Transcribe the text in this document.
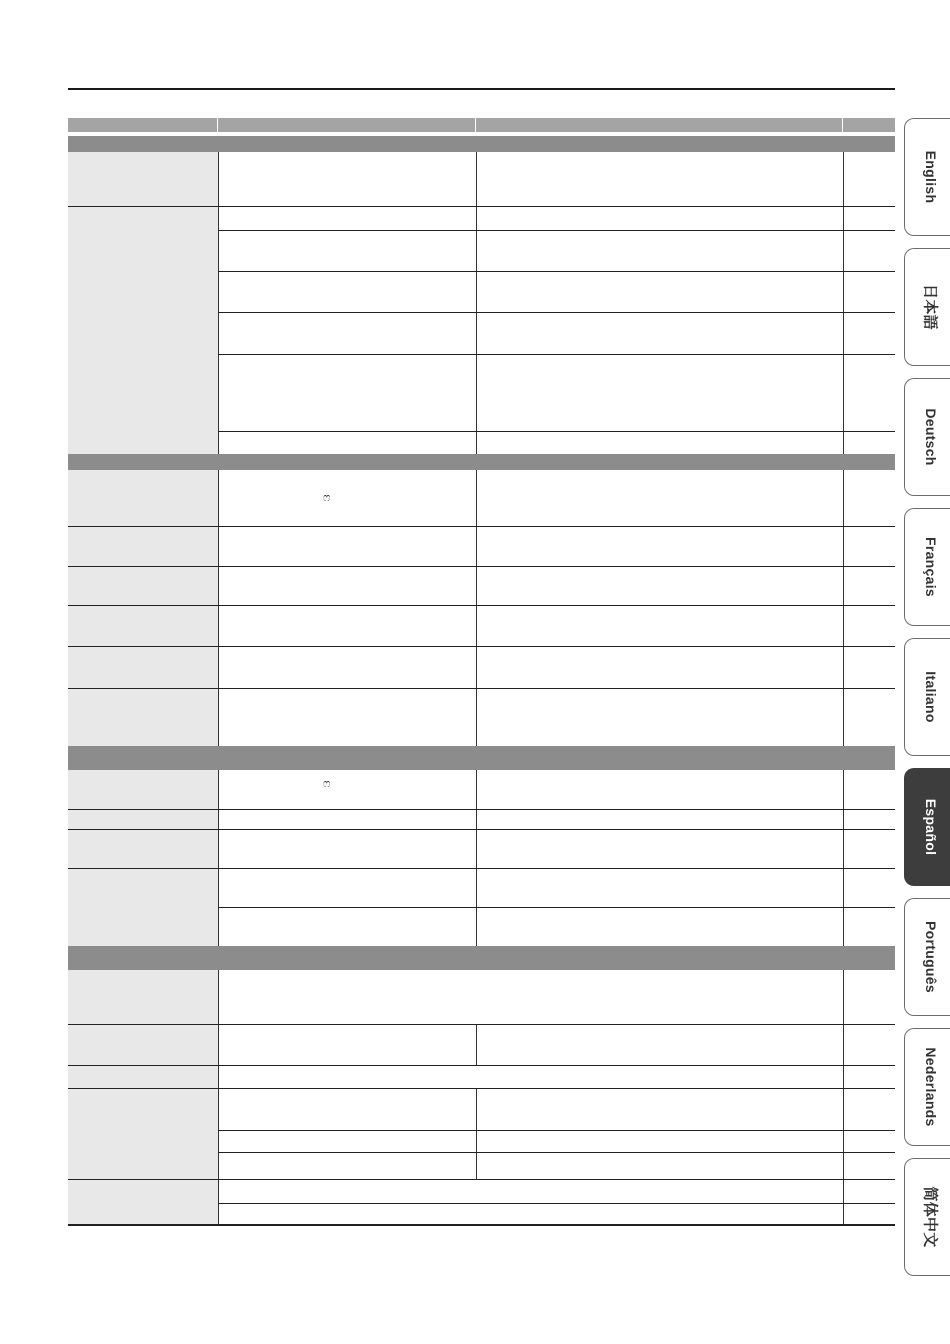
ෆ
ෆ
English
日本語
Deutsch
Français
Italiano
Español
Português
Nederlands
简体中文
